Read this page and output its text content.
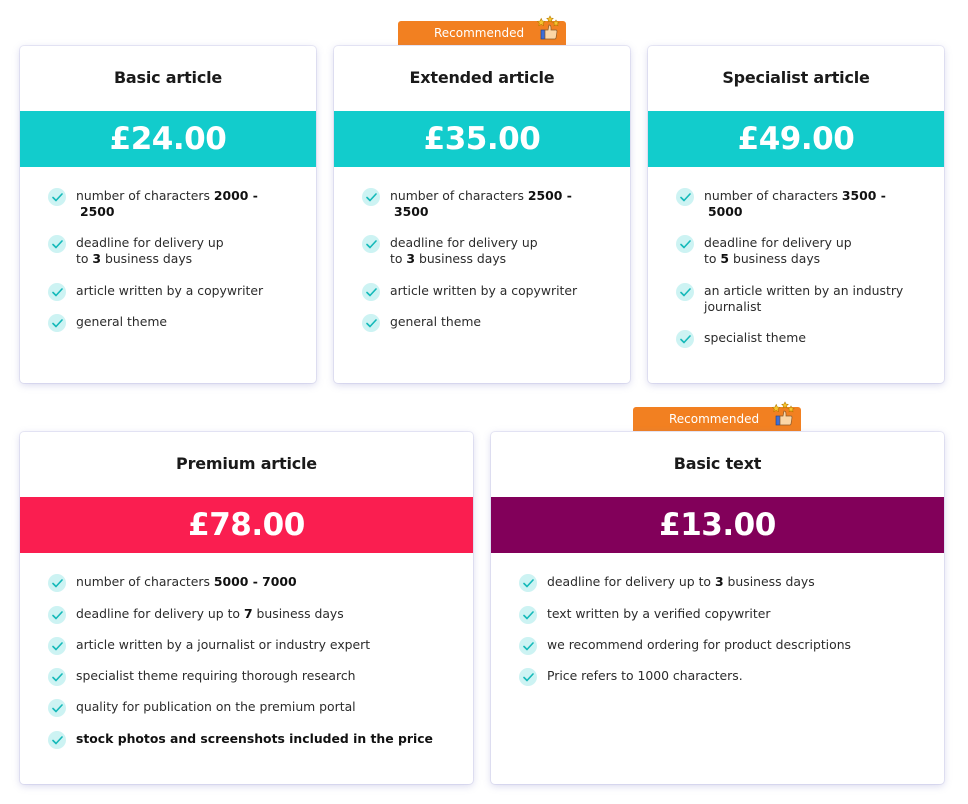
Recommended
Recommended
Basic article
£24.00
number of characters 2000 -
2500
deadline for delivery up
to 3 business days
article written by a copywriter
general theme
Extended article
£35.00
number of characters 2500 -
3500
deadline for delivery up
to 3 business days
article written by a copywriter
general theme
Specialist article
£49.00
number of characters 3500 -
5000
deadline for delivery up
to 5 business days
an article written by an industry
journalist
specialist theme
Premium article
£78.00
number of characters 5000 - 7000
deadline for delivery up to 7 business days
article written by a journalist or industry expert
specialist theme requiring thorough research
quality for publication on the premium portal
stock photos and screenshots included in the price
Basic text
£13.00
deadline for delivery up to 3 business days
text written by a verified copywriter
we recommend ordering for product descriptions
Price refers to 1000 characters.
